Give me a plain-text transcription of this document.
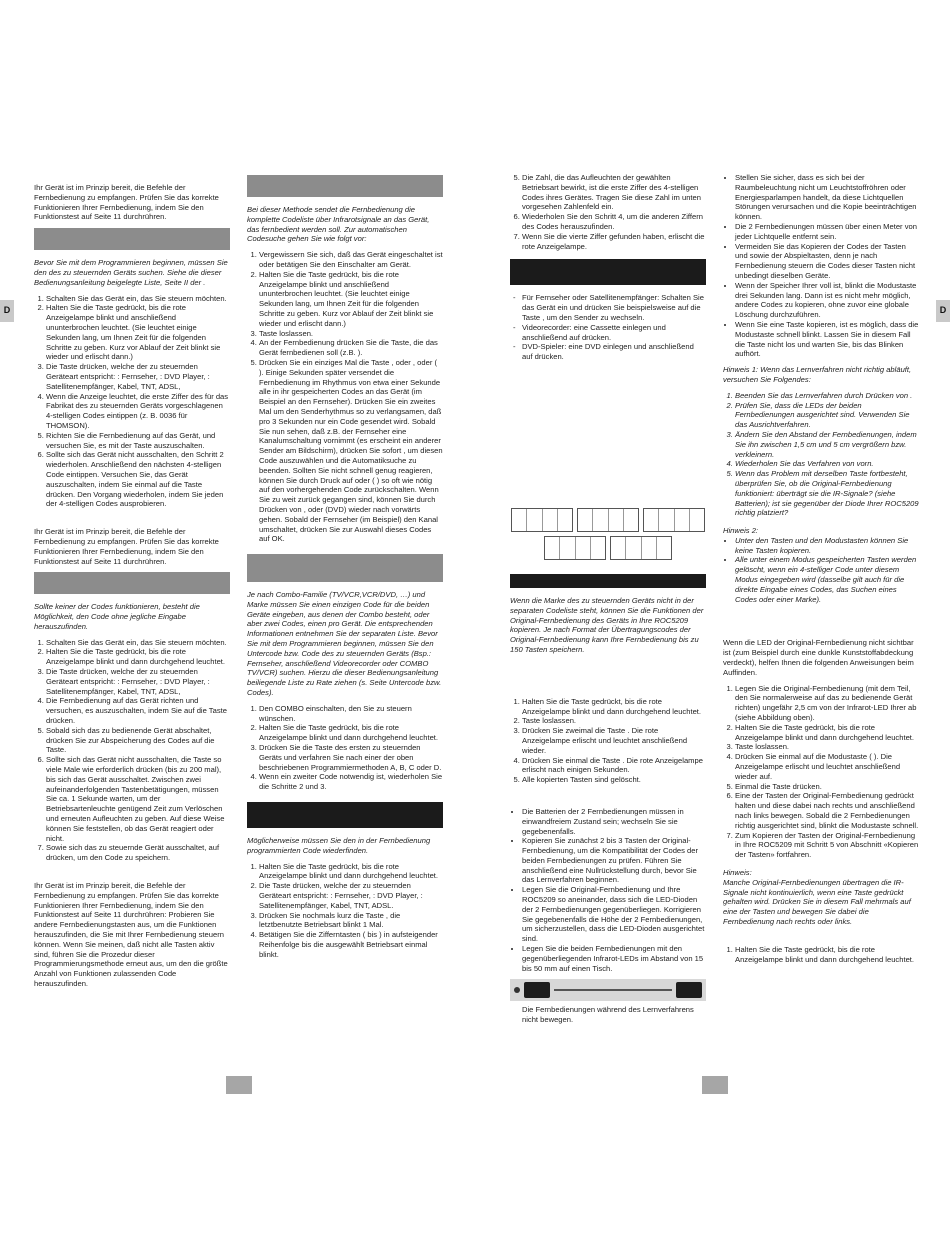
D	D

Ihr Gerät ist im Prinzip bereit, die Befehle der Fernbedienung zu empfangen. Prüfen Sie das korrekte Funktionieren Ihrer Fernbedienung, indem Sie den Funktionstest auf Seite 11 durchrühren.

Bevor Sie mit dem Programmieren beginnen, müssen Sie den des zu steuernden Geräts suchen. Siehe die dieser Bedienungsanleitung beigelegte Liste, Seite II der .

1. Schalten Sie das Gerät ein, das Sie steuern möchten.
2. Halten Sie die Taste gedrückt, bis die rote Anzeigelampe blinkt und anschließend ununterbrochen leuchtet. (Sie leuchtet einige Sekunden lang, um Ihnen Zeit für die folgenden Schritte zu geben. Kurz vor Ablauf der Zeit blinkt sie wieder und erlischt dann.)
3. Die Taste drücken, welche der zu steuernden Geräteart entspricht: : Fernseher, : DVD Player, : Satellitenempfänger, Kabel, TNT, ADSL,
4. Wenn die Anzeige leuchtet, die erste Ziffer des für das Fabrikat des zu steuernden Geräts vorgeschlagenen 4-stelligen Codes eintippen (z. B. 0036 für THOMSON).
5. Richten Sie die Fernbedienung auf das Gerät, und versuchen Sie, es mit der Taste auszuschalten.
6. Sollte sich das Gerät nicht ausschalten, den Schritt 2 wiederholen. Anschließend den nächsten 4-stelligen Code eintippen. Versuchen Sie, das Gerät auszuschalten, indem Sie einmal auf die Taste drücken. Den Vorgang wiederholen, indem Sie jeden der 4-stelligen Codes ausprobieren.

Ihr Gerät ist im Prinzip bereit, die Befehle der Fernbedienung zu empfangen. Prüfen Sie das korrekte Funktionieren Ihrer Fernbedienung, indem Sie den Funktionstest auf Seite 11 durchrühren.

Sollte keiner der Codes funktionieren, besteht die Möglichkeit, den Code ohne jegliche Eingabe herauszufinden.

1. Schalten Sie das Gerät ein, das Sie steuern möchten.
2. Halten Sie die Taste gedrückt, bis die rote Anzeigelampe blinkt und dann durchgehend leuchtet.
3. Die Taste drücken, welche der zu steuernden Geräteart entspricht: : Fernseher, : DVD Player, : Satellitenempfänger, Kabel, TNT, ADSL,
4. Die Fernbedienung auf das Gerät richten und versuchen, es auszuschalten, indem Sie auf die Taste drücken.
5. Sobald sich das zu bedienende Gerät abschaltet, drücken Sie zur Abspeicherung des Codes auf die Taste.
6. Sollte sich das Gerät nicht ausschalten, die Taste so viele Male wie erforderlich drücken (bis zu 200 mal), bis sich das Gerät ausschaltet. Zwischen zwei aufeinanderfolgenden Tastenbetätigungen, müssen Sie ca. 1 Sekunde warten, um der Betriebsartenleuchte genügend Zeit zum Verlöschen und erneuten Aufleuchten zu geben. Auf diese Weise können Sie feststellen, ob das Gerät reagiert oder nicht.
7. Sowie sich das zu steuernde Gerät ausschaltet, auf drücken, um den Code zu speichern.

Ihr Gerät ist im Prinzip bereit, die Befehle der Fernbedienung zu empfangen. Prüfen Sie das korrekte Funktionieren Ihrer Fernbedienung, indem Sie den Funktionstest auf Seite 11 durchrühren: Probieren Sie andere Fernbedienungstasten aus, um die Funktionen herauszufinden, die Sie mit Ihrer Fernbedienung steuern können. Wenn Sie meinen, daß nicht alle Tasten aktiv sind, führen Sie die Prozedur dieser Programmierungsmethode erneut aus, um den die größte Anzahl von Funktionen zulassenden Code herauszufinden.

Bei dieser Methode sendet die Fernbedienung die komplette Codeliste über Infrarotsignale an das Gerät, das fernbedient werden soll. Zur automatischen Codesuche gehen Sie wie folgt vor:

1. Vergewissern Sie sich, daß das Gerät eingeschaltet ist oder betätigen Sie den Einschalter am Gerät.
2. Halten Sie die Taste gedrückt, bis die rote Anzeigelampe blinkt und anschließend ununterbrochen leuchtet. (Sie leuchtet einige Sekunden lang, um Ihnen Zeit für die folgenden Schritte zu geben. Kurz vor Ablauf der Zeit blinkt sie wieder und erlischt dann.)
3. Taste loslassen.
4. An der Fernbedienung drücken Sie die Taste, die das Gerät fernbedienen soll (z.B. ).
5. Drücken Sie ein einziges Mal die Taste , oder , oder ( ). Einige Sekunden später versendet die Fernbedienung im Rhythmus von etwa einer Sekunde alle in ihr gespeicherten Codes an das Gerät (im Beispiel an den Fernseher). Drücken Sie ein zweites Mal um den Senderhythmus so zu verlangsamen, daß pro 3 Sekunden nur ein Code gesendet wird. Sobald Sie nun sehen, daß z.B. der Fernseher eine Kanalumschaltung vornimmt (es erscheint ein anderer Sender am Bildschirm), drücken Sie sofort , um diesen Code auszuwählen und die Automatiksuche zu beenden. Sollten Sie nicht schnell genug reagieren, können Sie durch Druck auf oder ( ) so oft wie nötig auf den vorhergehenden Code zurückschalten. Wenn Sie zu weit zurück gegangen sind, können Sie durch Drücken von , oder (DVD) wieder nach vorwärts gehen. Sobald der Fernseher (im Beispiel) den Kanal umschaltet, drücken Sie zur Auswahl dieses Codes auf OK.

Je nach Combo-Familie (TV/VCR,VCR/DVD, …) und Marke müssen Sie einen einzigen Code für die beiden Geräte eingeben, aus denen der Combo besteht, oder aber zwei Codes, einen pro Gerät. Die entsprechenden Informationen entnehmen Sie der separaten Liste. Bevor Sie mit dem Programmieren beginnen, müssen Sie den Untercode bzw. Code des zu steuernden Geräts (Bsp.: Fernseher, anschließend Videorecorder oder COMBO TV/VCR) suchen. Hierzu die dieser Bedienungsanleitung beiliegende Liste zu Rate ziehen (s. Seite Untercode bzw. Codes).

1. Den COMBO einschalten, den Sie zu steuern wünschen.
2. Halten Sie die Taste gedrückt, bis die rote Anzeigelampe blinkt und dann durchgehend leuchtet.
3. Drücken Sie die Taste des ersten zu steuernden Geräts und verfahren Sie nach einer der oben beschriebenen Programmiermethoden A, B, C oder D.
4. Wenn ein zweiter Code notwendig ist, wiederholen Sie die Schritte 2 und 3.

Möglicherweise müssen Sie den in der Fernbedienung programmierten Code wiederfinden.

1. Halten Sie die Taste gedrückt, bis die rote Anzeigelampe blinkt und dann durchgehend leuchtet.
2. Die Taste drücken, welche der zu steuernden Geräteart entspricht: : Fernseher, : DVD Player, : Satellitenempfänger, Kabel, TNT, ADSL.
3. Drücken Sie nochmals kurz die Taste , die letztbenutzte Betriebsart blinkt 1 Mal.
4. Betätigen Sie die Zifferntasten ( bis ) in aufsteigender Reihenfolge bis die ausgewählt Betriebsart einmal blinkt.
5. Die Zahl, die das Aufleuchten der gewählten Betriebsart bewirkt, ist die erste Ziffer des 4-stelligen Codes ihres Gerätes. Tragen Sie diese Zahl im unten vorgesehen Zahlenfeld ein.
6. Wiederholen Sie den Schritt 4, um die anderen Ziffern des Codes herauszufinden.
7. Wenn Sie die vierte Ziffer gefunden haben, erlischt die rote Anzeigelampe.
- Für Fernseher oder Satellitenempfänger: Schalten Sie das Gerät ein und drücken Sie beispielsweise auf die Taste , um den Sender zu wechseln.
- Videorecorder: eine Cassette einlegen und anschließend auf drücken.
- DVD-Spieler: eine DVD einlegen und anschließend auf drücken.

Wenn die Marke des zu steuernden Geräts nicht in der separaten Codeliste steht, können Sie die Funktionen der Original-Fernbedienung des Geräts in Ihre ROC5209 kopieren. Je nach Format der Übertragungscodes der Original-Fernbedienung kann Ihre Fernbedienung bis zu 150 Tasten speichern.

1. Halten Sie die Taste gedrückt, bis die rote Anzeigelampe blinkt und dann durchgehend leuchtet.
2. Taste loslassen.
3. Drücken Sie zweimal die Taste . Die rote Anzeigelampe erlischt und leuchtet anschließend wieder.
4. Drücken Sie einmal die Taste . Die rote Anzeigelampe erlischt nach einigen Sekunden.
5. Alle kopierten Tasten sind gelöscht.
• Die Batterien der 2 Fernbedienungen müssen in einwandfreiem Zustand sein; wechseln Sie sie gegebenenfalls.
• Kopieren Sie zunächst 2 bis 3 Tasten der Original-Fernbedienung, um die Kompatibilität der Codes der beiden Fernbedienungen zu prüfen. Führen Sie anschließend eine Nullrückstellung durch, bevor Sie das Lernverfahren beginnen.
• Legen Sie die Original-Fernbedienung und Ihre ROC5209 so aneinander, dass sich die LED-Dioden der 2 Fernbedienungen gegenüberliegen. Korrigieren Sie gegebenenfalls die Höhe der 2 Fernbedienungen, um sicherzustellen, dass die LED-Dioden ausgerichtet sind.
• Legen Sie die beiden Fernbedienungen mit den gegenüberliegenden Infrarot-LEDs im Abstand von 15 bis 50 mm auf einen Tisch.

Die Fernbedienungen während des Lernverfahrens nicht bewegen.

• Stellen Sie sicher, dass es sich bei der Raumbeleuchtung nicht um Leuchtstoffröhren oder Energiesparlampen handelt, da diese Lichtquellen Störungen verursachen und die Kopie beeinträchtigen können.
• Die 2 Fernbedienungen müssen über einen Meter von jeder Lichtquelle entfernt sein.
• Vermeiden Sie das Kopieren der Codes der Tasten und sowie der Abspieltasten, denn je nach Fernbedienung steuern die Codes dieser Tasten nicht unbedingt dieselben Geräte.
• Wenn der Speicher Ihrer voll ist, blinkt die Modustaste drei Sekunden lang. Dann ist es nicht mehr möglich, andere Codes zu kopieren, ohne zuvor eine globale Löschung durchzuführen.
• Wenn Sie eine Taste kopieren, ist es möglich, dass die Modustaste schnell blinkt. Lassen Sie in diesem Fall die Taste nicht los und warten Sie, bis das Blinken aufhört.

Hinweis 1: Wenn das Lernverfahren nicht richtig abläuft, versuchen Sie Folgendes:

1. Beenden Sie das Lernverfahren durch Drücken von .
2. Prüfen Sie, dass die LEDs der beiden Fernbedienungen ausgerichtet sind. Verwenden Sie das Ausrichtverfahren.
3. Ändern Sie den Abstand der Fernbedienungen, indem Sie ihn zwischen 1,5 cm und 5 cm vergrößern bzw. verkleinern.
4. Wiederholen Sie das Verfahren von vorn.
5. Wenn das Problem mit derselben Taste fortbesteht, überprüfen Sie, ob die Original-Fernbedienung funktioniert: überträgt sie die IR-Signale? (siehe Batterien); ist sie gegenüber der Diode Ihrer ROC5209 richtig platziert?

Hinweis 2:

• Unter den Tasten und den Modustasten können Sie keine Tasten kopieren.
• Alle unter einem Modus gespeicherten Tasten werden gelöscht, wenn ein 4-stelliger Code unter diesem Modus eingegeben wird (dasselbe gilt auch für die direkte Eingabe eines Codes, das Suchen eines Codes oder einer Marke).

Wenn die LED der Original-Fernbedienung nicht sichtbar ist (zum Beispiel durch eine dunkle Kunststoffabdeckung verdeckt), helfen Ihnen die folgenden Anweisungen beim Auffinden.

1. Legen Sie die Original-Fernbedienung (mit dem Teil, den Sie normalerweise auf das zu bedienende Gerät richten) ungefähr 2,5 cm von der Infrarot-LED Ihrer ab (siehe Abbildung oben).
2. Halten Sie die Taste gedrückt, bis die rote Anzeigelampe blinkt und dann durchgehend leuchtet.
3. Taste loslassen.
4. Drücken Sie einmal auf die Modustaste ( ). Die Anzeigelampe erlischt und leuchtet anschließend wieder auf.
5. Einmal die Taste drücken.
6. Eine der Tasten der Original-Fernbedienung gedrückt halten und diese dabei nach rechts und anschließend nach links bewegen. Sobald die 2 Fernbedienungen richtig ausgerichtet sind, blinkt die Modustaste schnell.
7. Zum Kopieren der Tasten der Original-Fernbedienung in Ihre ROC5209 mit Schritt 5 von Abschnitt «Kopieren der Tasten» fortfahren.

Hinweis:

Manche Original-Fernbedienungen übertragen die IR-Signale nicht kontinuierlich, wenn eine Taste gedrückt gehalten wird. Drücken Sie in diesem Fall mehrmals auf eine der Tasten und bewegen Sie dabei die Fernbedienung nach rechts oder links.

1. Halten Sie die Taste gedrückt, bis die rote Anzeigelampe blinkt und dann durchgehend leuchtet.
